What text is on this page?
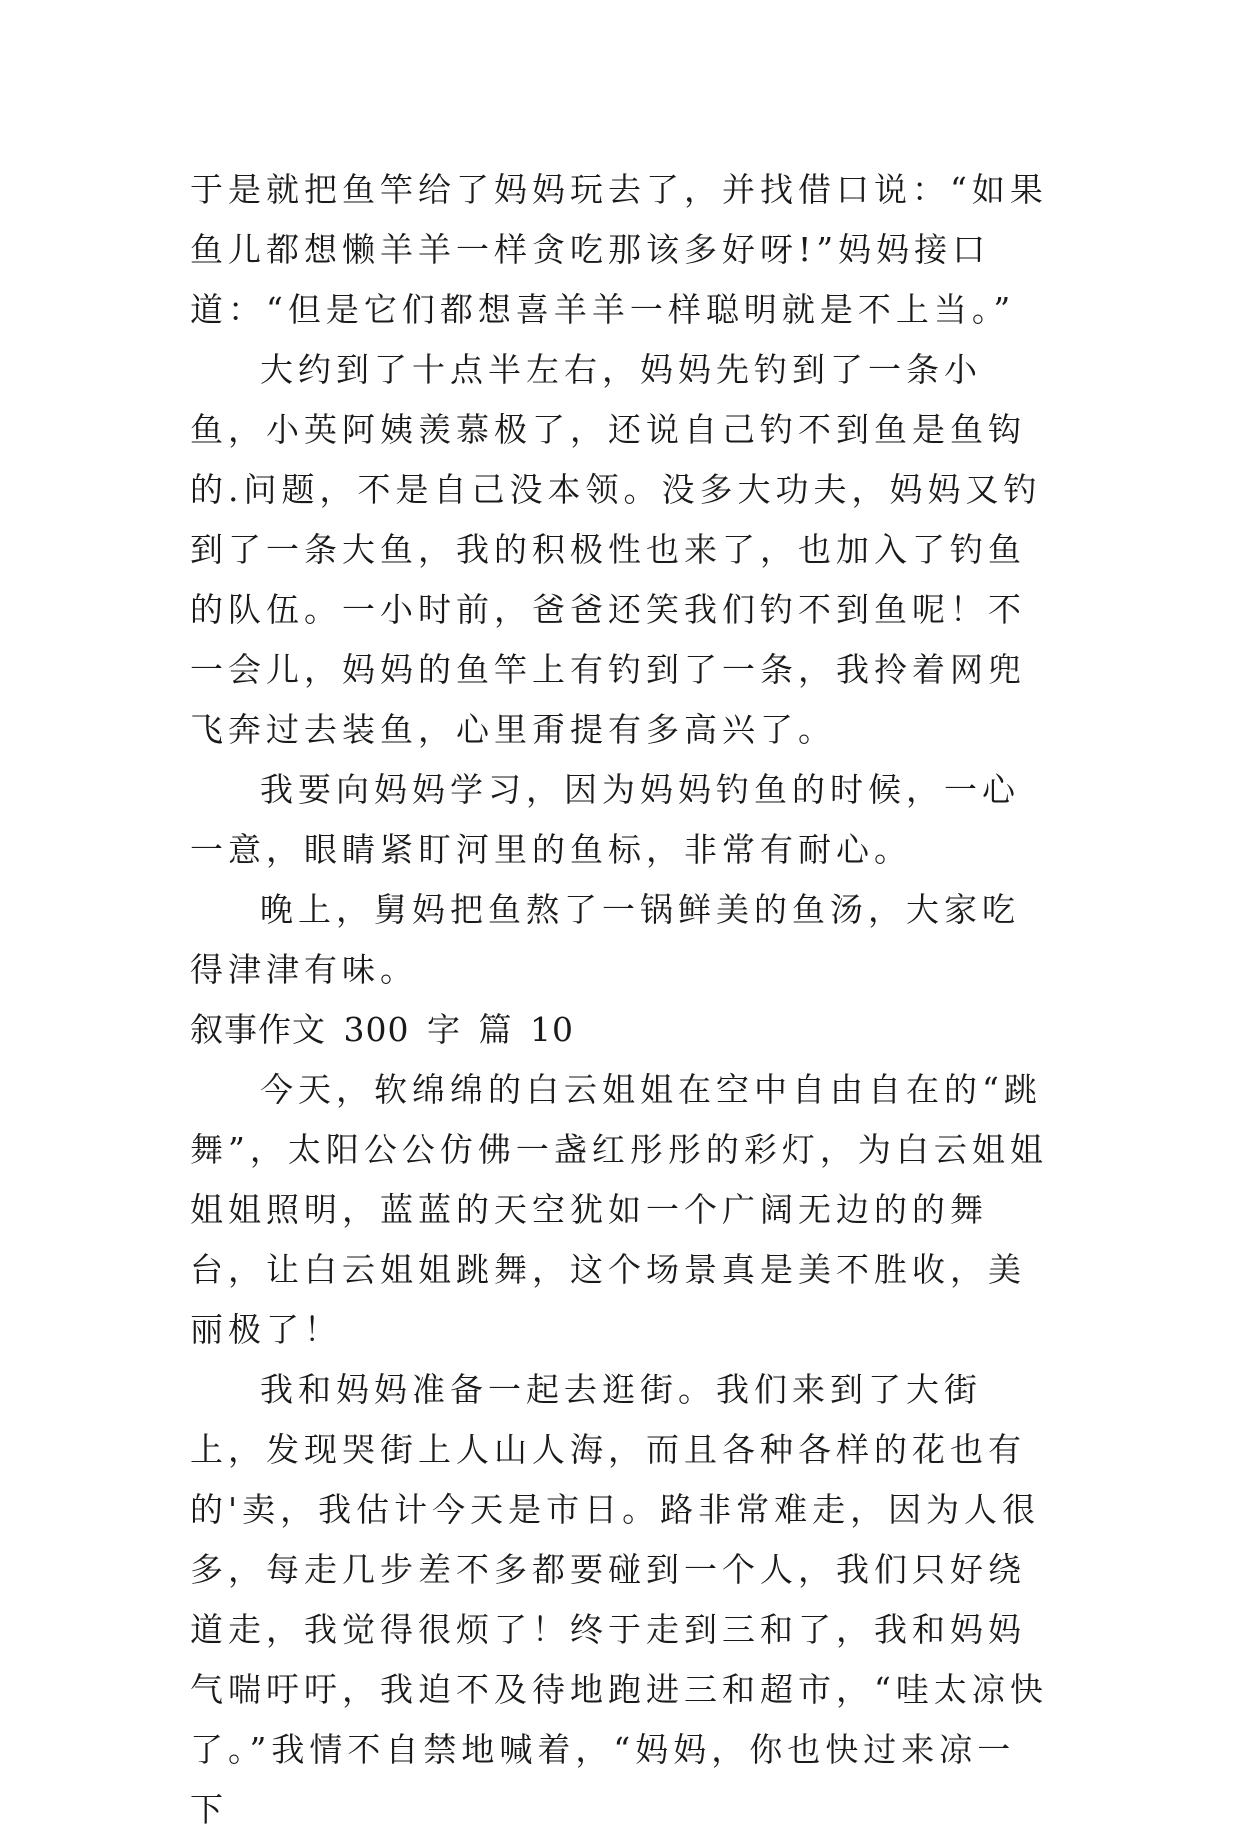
于是就把鱼竿给了妈妈玩去了，并找借口说：“如果鱼儿都想懒羊羊一样贪吃那该多好呀!”妈妈接口道：“但是它们都想喜羊羊一样聪明就是不上当。”

大约到了十点半左右，妈妈先钓到了一条小鱼，小英阿姨羡慕极了，还说自己钓不到鱼是鱼钩的.问题，不是自己没本领。没多大功夫，妈妈又钓到了一条大鱼，我的积极性也来了，也加入了钓鱼的队伍。一小时前，爸爸还笑我们钓不到鱼呢！不一会儿，妈妈的鱼竿上有钓到了一条，我拎着网兜飞奔过去装鱼，心里甭提有多高兴了。

我要向妈妈学习，因为妈妈钓鱼的时候，一心一意，眼睛紧盯河里的鱼标，非常有耐心。

晚上，舅妈把鱼熬了一锅鲜美的鱼汤，大家吃得津津有味。

叙事作文 300 字 篇 10

今天，软绵绵的白云姐姐在空中自由自在的“跳舞”，太阳公公仿佛一盏红彤彤的彩灯，为白云姐姐姐姐照明，蓝蓝的天空犹如一个广阔无边的的舞台，让白云姐姐跳舞，这个场景真是美不胜收，美丽极了！

我和妈妈准备一起去逛街。我们来到了大街上，发现哭街上人山人海，而且各种各样的花也有的'卖，我估计今天是市日。路非常难走，因为人很多，每走几步差不多都要碰到一个人，我们只好绕道走，我觉得很烦了！终于走到三和了，我和妈妈气喘吁吁，我迫不及待地跑进三和超市，“哇太凉快了。”我情不自禁地喊着，“妈妈，你也快过来凉一下
